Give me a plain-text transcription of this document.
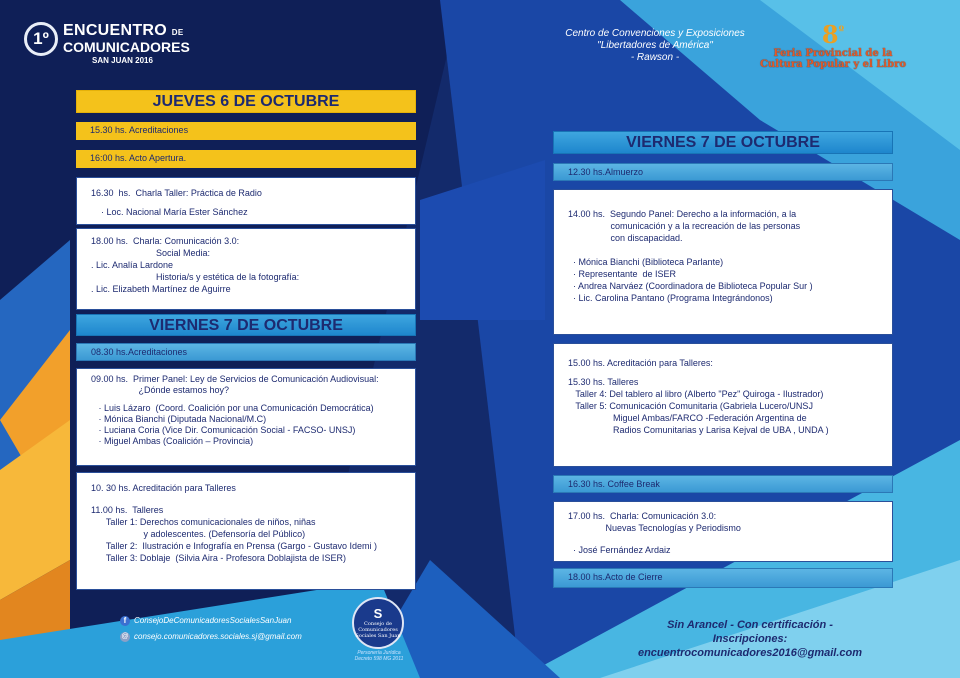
1º ENCUENTRO DE
COMUNICADORES
SAN JUAN 2016
Centro de Convenciones y Exposiciones
"Libertadores de América"
- Rawson -
$8^º$
Feria Provincial de la
Cultura Popular y el Libro
JUEVES 6 DE OCTUBRE
15.30 hs. Acreditaciones
16:00 hs. Acto Apertura.

16.30  hs.  Charla Taller: Práctica de Radio

· Loc. Nacional María Ester Sánchez

18.00 hs.  Charla: Comunicación 3.0:

Social Media:

. Lic. Analía Lardone

Historia/s y estética de la fotografía:

. Lic. Elizabeth Martínez de Aguirre

VIERNES 7 DE OCTUBRE
08.30 hs.Acreditaciones

09.00 hs.  Primer Panel: Ley de Servicios de Comunicación Audiovisual:

¿Dónde estamos hoy?

· Luis Lázaro  (Coord. Coalición por una Comunicación Democrática)

· Mónica Bianchi (Diputada Nacional/M.C)

· Luciana Coria (Vice Dir. Comunicación Social - FACSO- UNSJ)

· Miguel Ambas (Coalición – Provincia)

10. 30 hs. Acreditación para Talleres

11.00 hs.  Talleres

Taller 1: Derechos comunicacionales de niños, niñas

y adolescentes. (Defensoría del Público)

Taller 2:  Ilustración e Infografía en Prensa (Gargo - Gustavo Idemi )

Taller 3: Doblaje  (Silvia Aira - Profesora Doblajista de ISER)

VIERNES 7 DE OCTUBRE
12.30 hs.Almuerzo

14.00 hs.  Segundo Panel: Derecho a la información, a la

comunicación y a la recreación de las personas

con discapacidad.

· Mónica Bianchi (Biblioteca Parlante)

· Representante  de ISER

· Andrea Narváez (Coordinadora de Biblioteca Popular Sur )

· Lic. Carolina Pantano (Programa Integrándonos)

15.00 hs. Acreditación para Talleres:

15.30 hs. Talleres

Taller 4: Del tablero al libro (Alberto "Pez" Quiroga - Ilustrador)

Taller 5: Comunicación Comunitaria (Gabriela Lucero/UNSJ

Miguel Ambas/FARCO -Federación Argentina de

Radios Comunitarias y Larisa Kejval de UBA , UNDA )

16.30 hs. Coffee Break

17.00 hs.  Charla: Comunicación 3.0:

Nuevas Tecnologías y Periodismo

· José Fernández Ardaiz

18.00 hs.Acto de Cierre
f ConsejoDeComunicadoresSocialesSanJuan
@ consejo.comunicadores.sociales.sj@gmail.com
S
Consejo de Comunicadores
Sociales San Juan
Personería Jurídica
Decreto 598 MG 2011
Sin Arancel - Con certificación -
Inscripciones: encuentrocomunicadores2016@gmail.com
